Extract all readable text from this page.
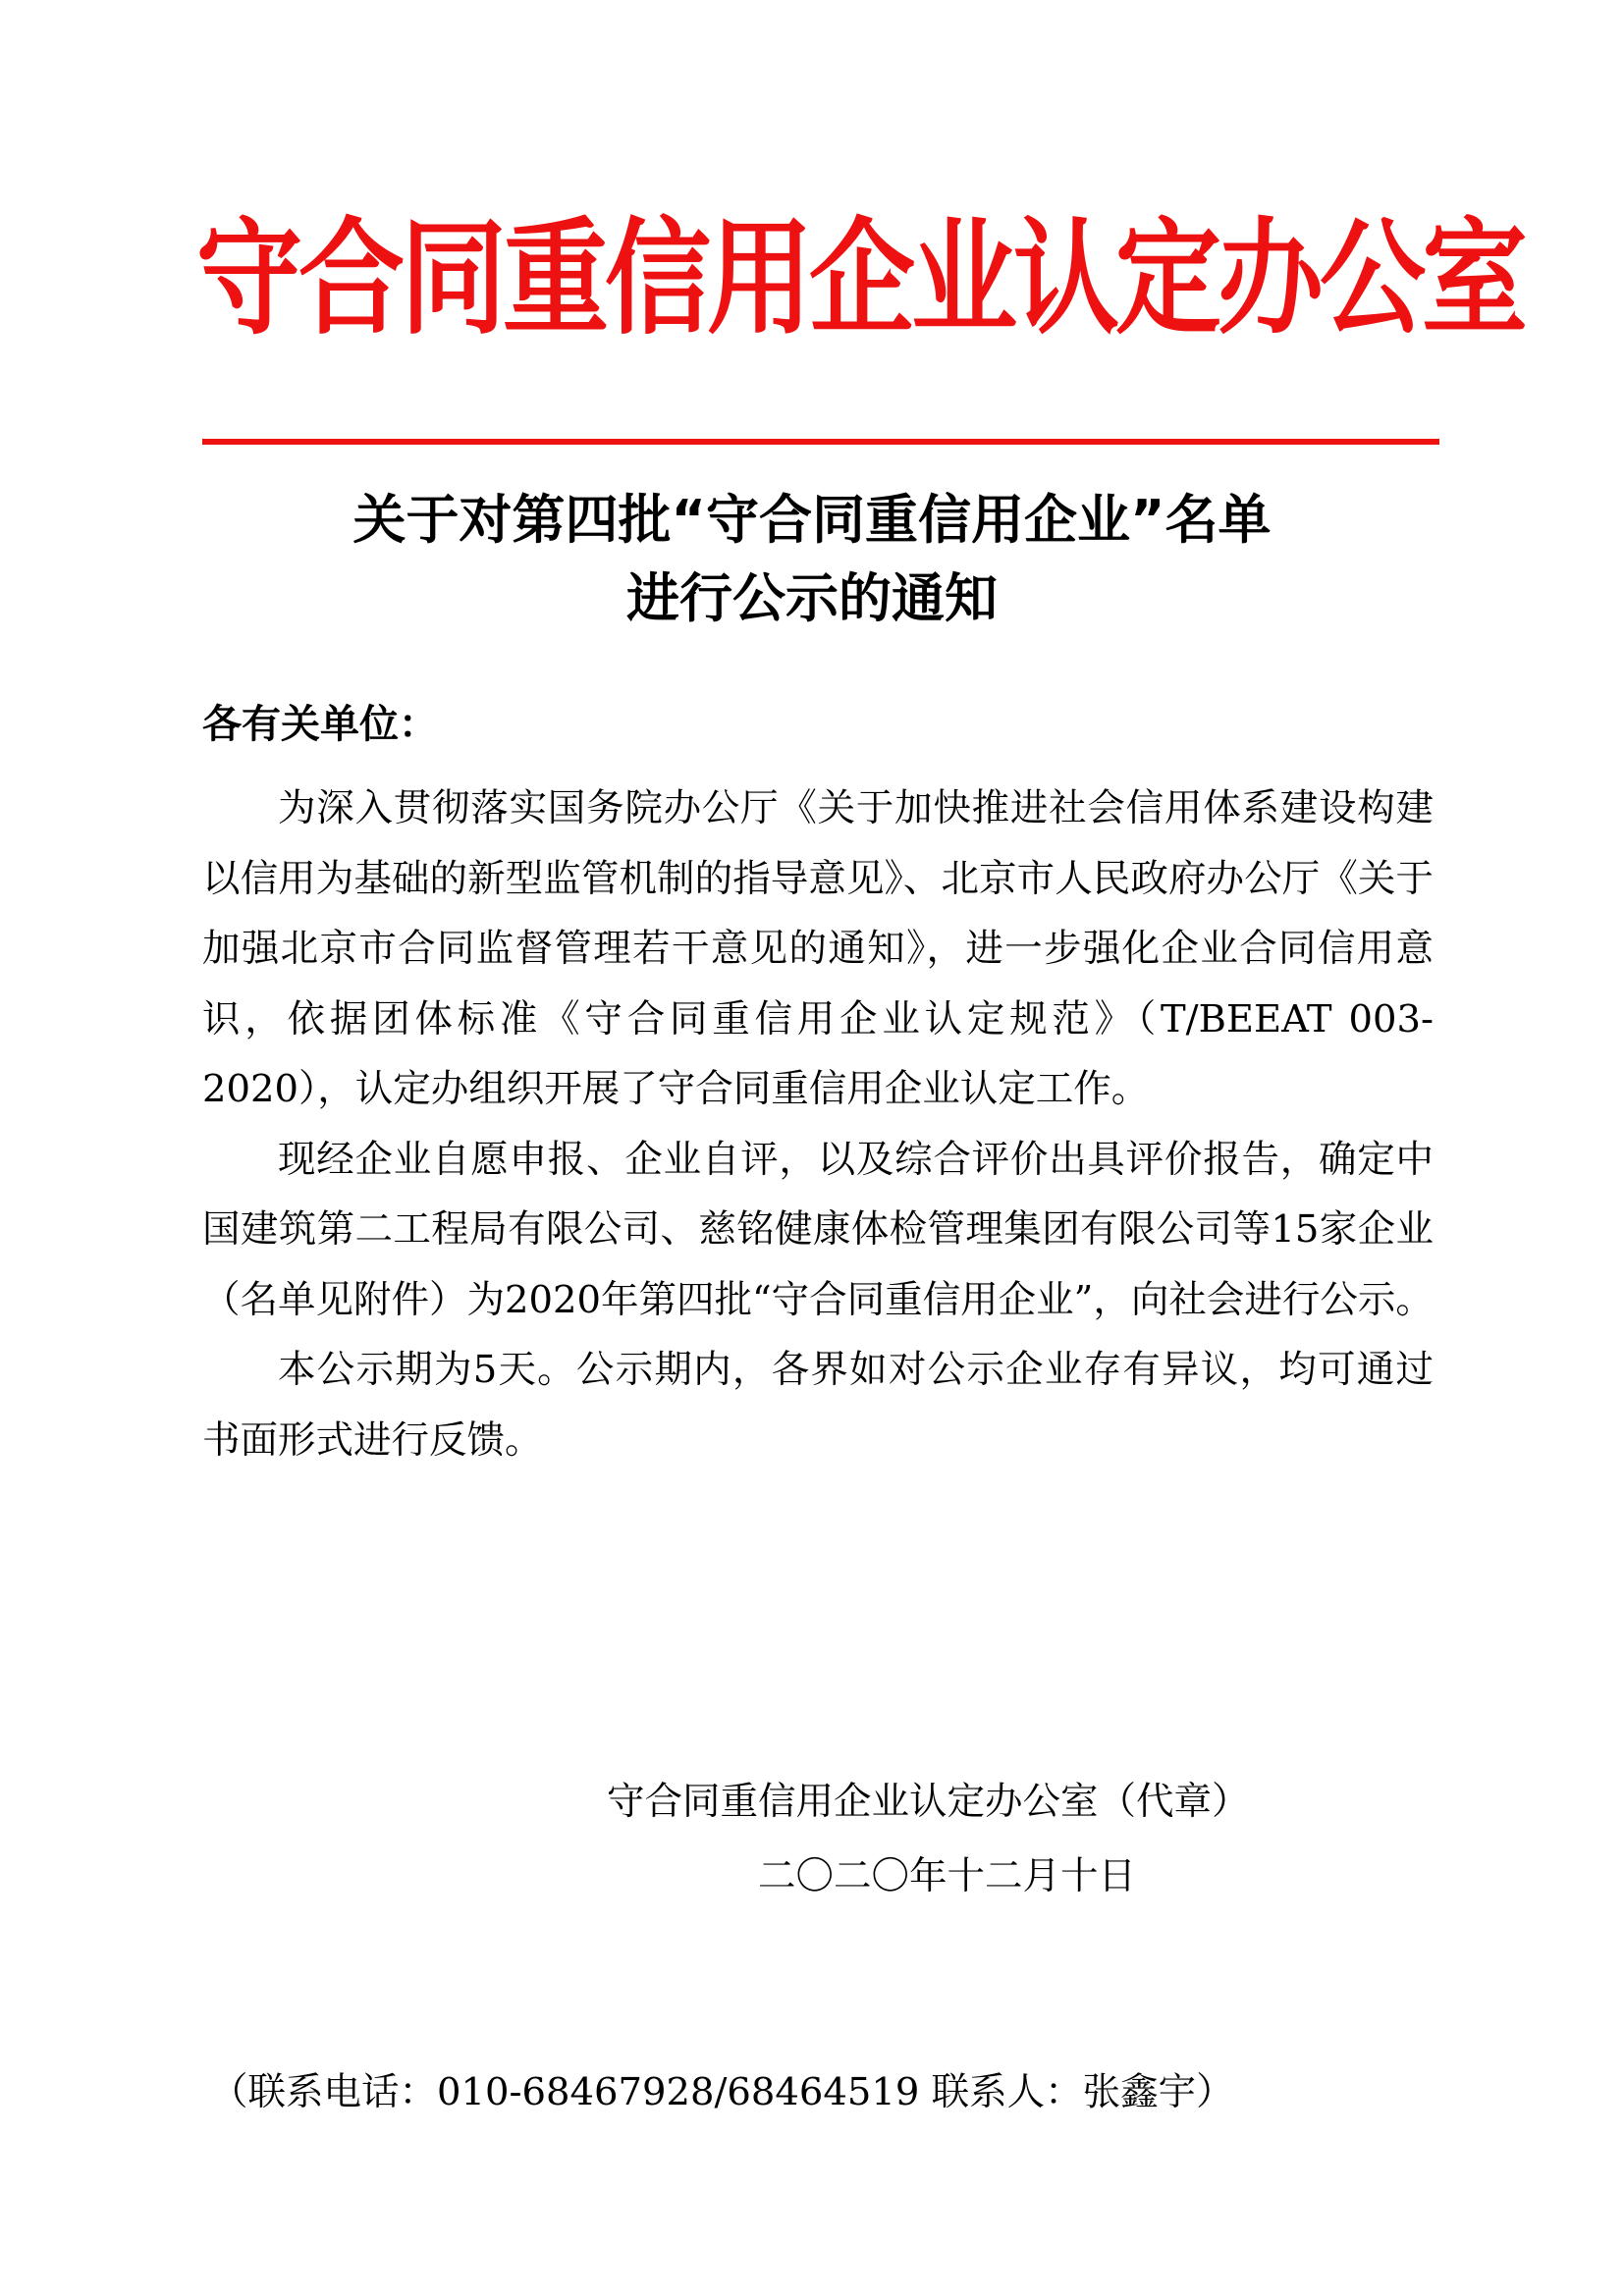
守合同重信用企业认定办公室
关于对第四批“守合同重信用企业”名单
进行公示的通知
各有关单位：

为深入贯彻落实国务院办公厅《关于加快推进社会信用体系建设构建以信用为基础的新型监管机制的指导意见》、北京市人民政府办公厅《关于加强北京市合同监督管理若干意见的通知》，进一步强化企业合同信用意识，依据团体标准《守合同重信用企业认定规范》（T/BEEAT 003-2020），认定办组织开展了守合同重信用企业认定工作。

现经企业自愿申报、企业自评，以及综合评价出具评价报告，确定中国建筑第二工程局有限公司、慈铭健康体检管理集团有限公司等15家企业（名单见附件）为2020年第四批“守合同重信用企业”，向社会进行公示。

本公示期为5天。公示期内，各界如对公示企业存有异议，均可通过书面形式进行反馈。

守合同重信用企业认定办公室（代章）
二〇二〇年十二月十日
（联系电话：010-68467928/68464519 联系人：张鑫宇）
